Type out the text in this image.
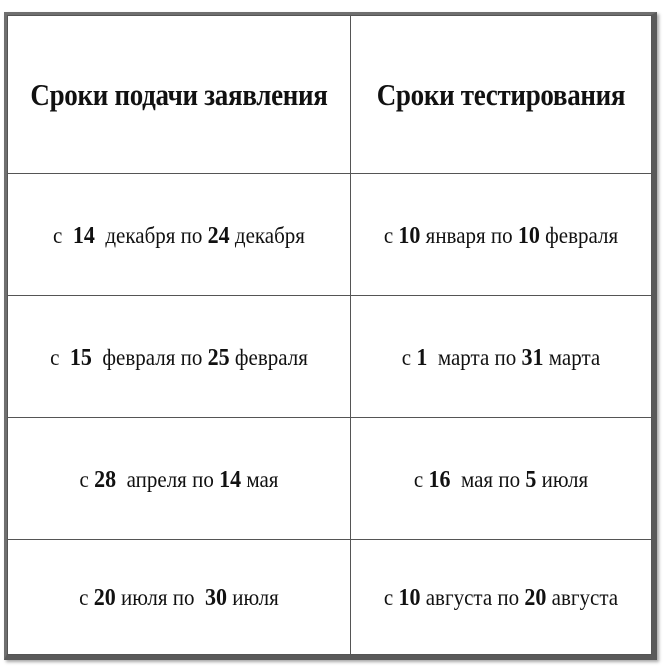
Сроки подачи заявления	Сроки тестирования
с 14 декабря по 24 декабря	с 10 января по 10 февраля
с 15 февраля по 25 февраля	с 1 марта по 31 марта
с 28 апреля по 14 мая	с 16 мая по 5 июля
с 20 июля по 30 июля	с 10 августа по 20 августа
